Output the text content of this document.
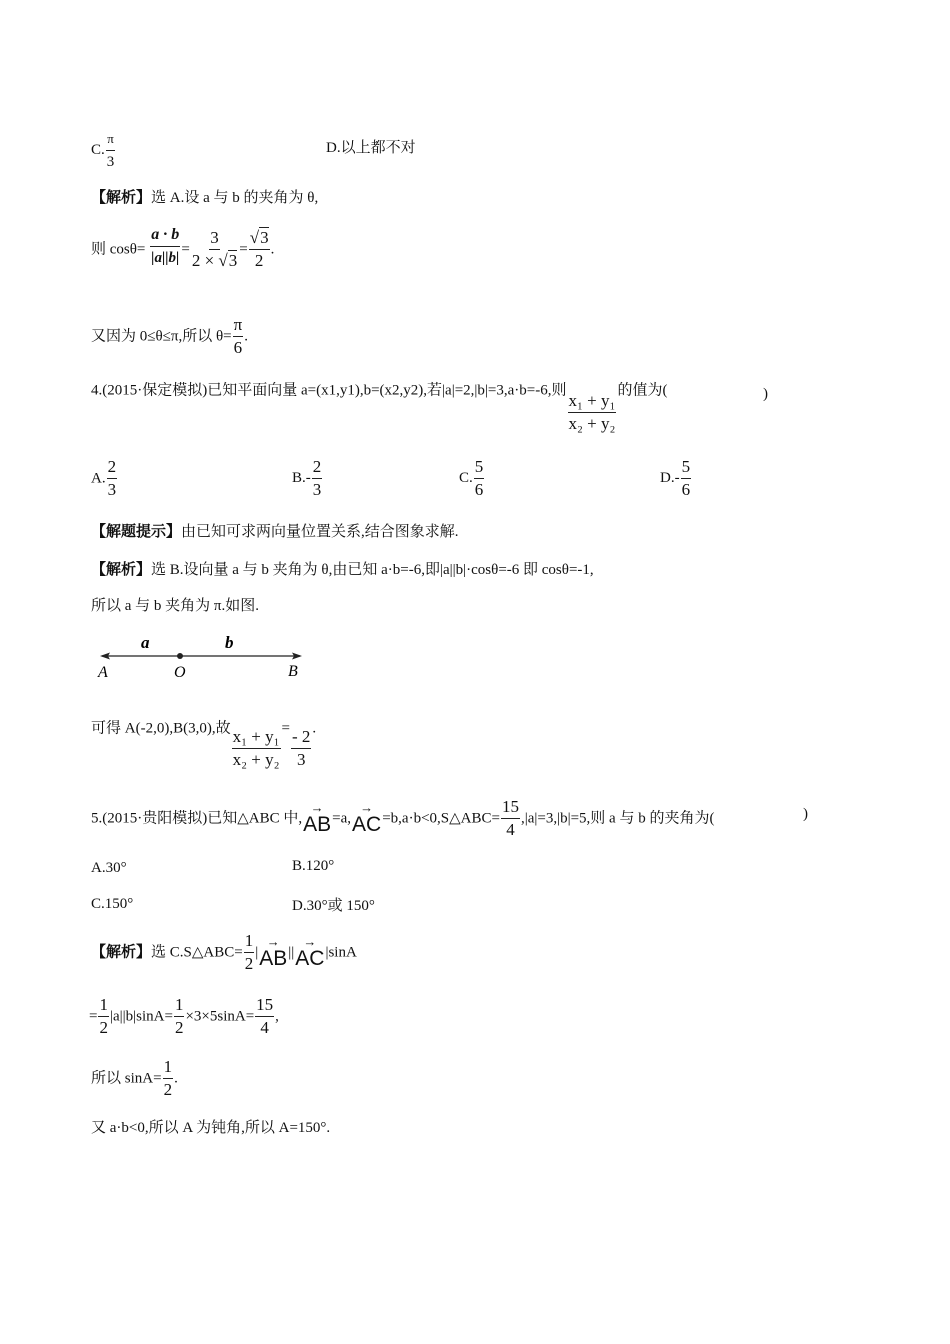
C. $\frac{\pi}{3}$	D.以上都不对
【解析】选 A.设 a 与 b 的夹角为 θ,
则 $\cos\theta= \frac{a \cdot b}{|a||b|} = \frac{3}{2 \times √3} = \frac{√3}{2}$ .
又因为 0≤θ≤π,所以 $\theta= \frac{\pi}{6}$ .
4.(2015·保定模拟)已知平面向量 a=(x1,y1),b=(x2,y2),若|a|=2,|b|=3,a·b=-6,则 $\frac{\text{x₁ + y₁}}{\text{x₂ + y₂}}$ 的值为(	)
A. $\frac{2}{3}$	$B.- \frac{2}{3}$	C. $\frac{5}{6}$	$D.- \frac{5}{6}$
【解题提示】由已知可求两向量位置关系,结合图象求解.
【解析】选 B.设向量 a 与 b 夹角为 θ,由已知 a·b=-6,即|a||b|·cosθ=-6 即 cosθ=-1,
所以 a 与 b 夹角为 π.如图.
a	b
A	O	B
可得 A(-2,0),B(3,0),故 $\frac{\text{x₁ + y₁}}{\text{x₂ + y₂}} = \frac{- 2}{3}$ .
5.(2015·贵阳模拟)已知△ABC 中,
→
AB =a,
→
AC =b,a·b<0,S△ABC= $\frac{15}{4} ,|a|=3,|b|=5$,则 a 与 b 的夹角为(	)
A.30°	B.120°
C.150°	D.30°或 150°
【解析】选 C.S△ABC= $\frac{1}{2}$ |
→
AB ||
→
AC |sinA
= $\frac{1}{2} |a||b|\sin A= \frac{1}{2} \times 3\times 5\sin A= \frac{15}{4}$ ,
所以 $\sin A= \frac{1}{2}$ .
又 a·b<0,所以 A 为钝角,所以 A=150°.
